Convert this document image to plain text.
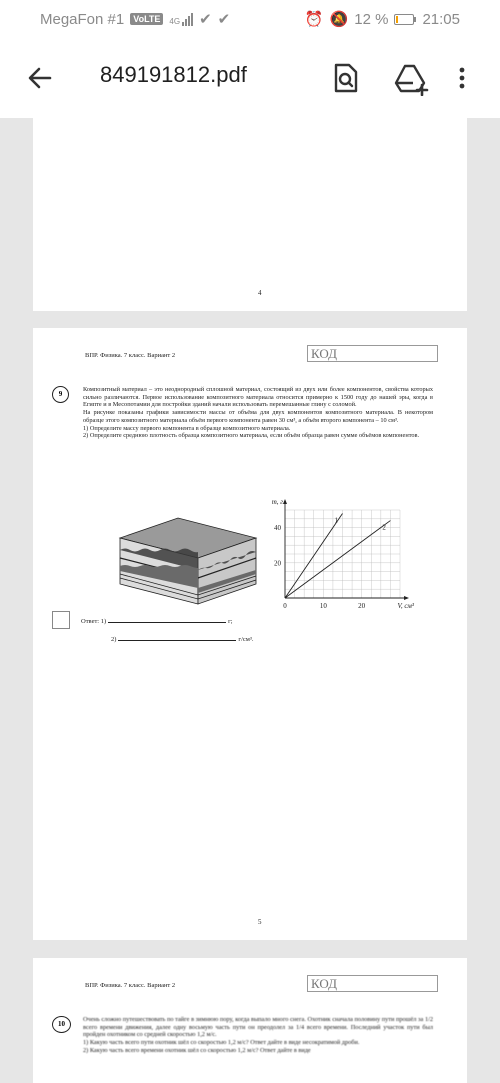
MegaFon #1	VoLTE	4G ✔ ✔	⏰ 🔕 12 % 21:05
849191812.pdf
4
ВПР. Физика. 7 класс. Вариант 2	КОД
9

Композитный материал – это неоднородный сплошной материал, состоящий из двух или более компонентов, свойства которых сильно различаются. Первое использование композитного материала относится примерно к 1500 году до нашей эры, когда в Египте и в Месопотамии для постройки зданий начали использовать перемешанные глину с соломой.

На рисунке показаны графики зависимости массы от объёма для двух компонентов композитного материала. В некотором образце этого композитного материала объём первого компонента равен 30 см³, а объём второго компонента – 10 см³.

1) Определите массу первого компонента в образце композитного материала.

2) Определите среднюю плотность образца композитного материала, если объём образца равен сумме объёмов компонентов.

1
2
0	10	20
20
40
V, см³
m, г
Ответ: 1)	г;
2)	г/см³.
5
ВПР. Физика. 7 класс. Вариант 2	КОД
10

Очень сложно путешествовать по тайге в зимнюю пору, когда выпало много снега. Охотник сначала половину пути прошёл за 1/2 всего времени движения, далее одну восьмую часть пути он преодолел за 1/4 всего времени. Последний участок пути был пройден охотником со средней скоростью 1,2 м/с.

1) Какую часть всего пути охотник шёл со скоростью 1,2 м/с? Ответ дайте в виде несократимой дроби.

2) Какую часть всего времени охотник шёл со скоростью 1,2 м/с? Ответ дайте в виде
